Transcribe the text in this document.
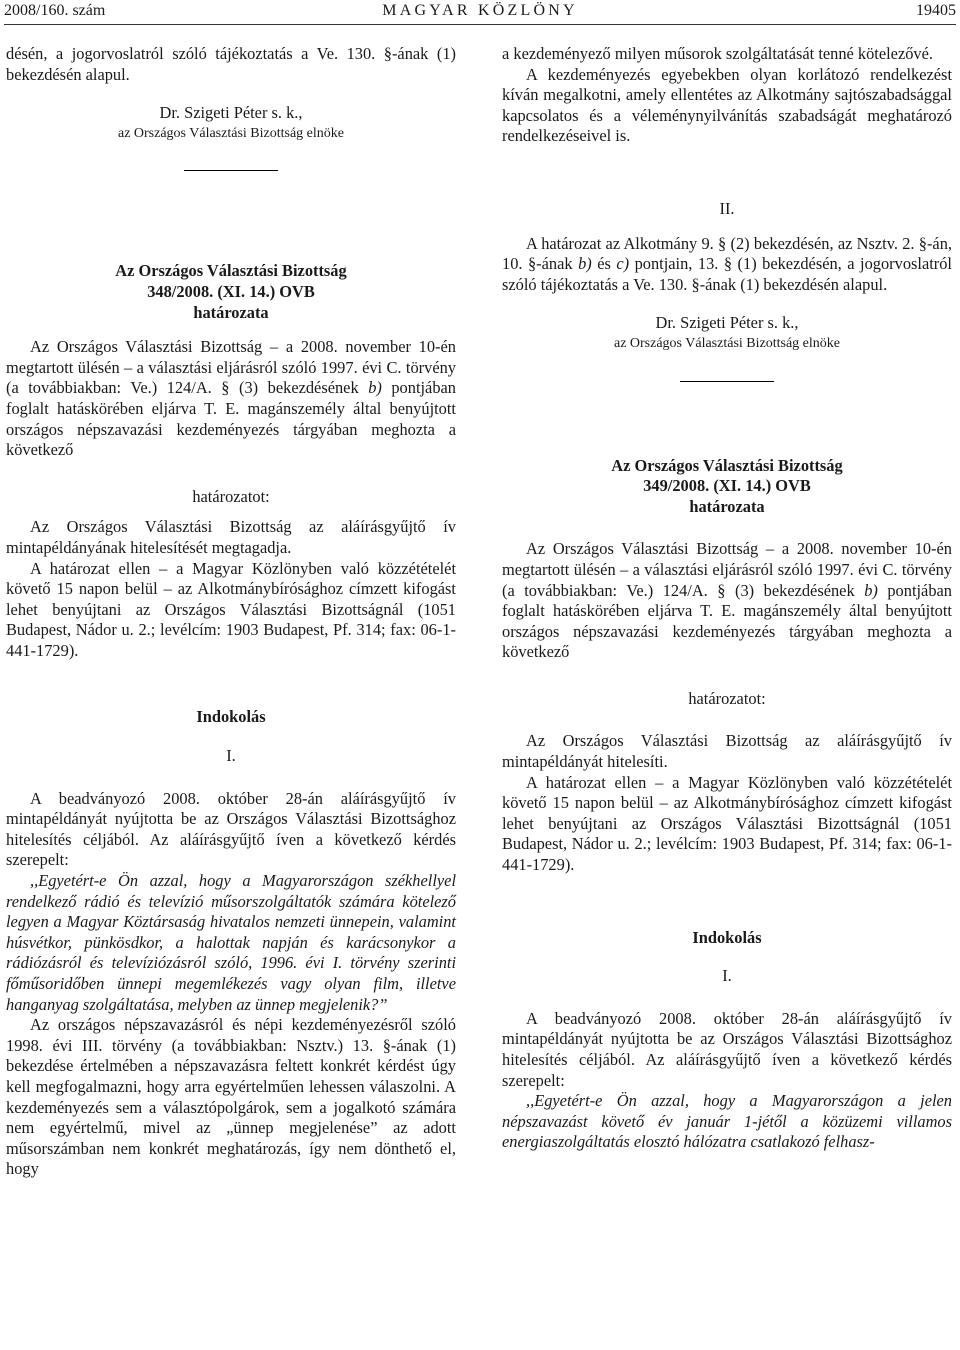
2008/160. szám	MAGYAR KÖZLÖNY	19405

désén, a jogorvoslatról szóló tájékoztatás a Ve. 130. §-ának (1) bekezdésén alapul.

Dr. Szigeti Péter s. k.,

az Országos Választási Bizottság elnöke

Az Országos Választási Bizottság

348/2008. (XI. 14.) OVB

határozata

Az Országos Választási Bizottság – a 2008. november 10-én megtartott ülésén – a választási eljárásról szóló 1997. évi C. törvény (a továbbiakban: Ve.) 124/A. § (3) bekezdésének b) pontjában foglalt hatáskörében eljárva T. E. magánszemély által benyújtott országos népszavazási kezdeményezés tárgyában meghozta a következő

határozatot:

Az Országos Választási Bizottság az aláírásgyűjtő ív mintapéldányának hitelesítését megtagadja.

A határozat ellen – a Magyar Közlönyben való közzétételét követő 15 napon belül – az Alkotmánybírósághoz címzett kifogást lehet benyújtani az Országos Választási Bizottságnál (1051 Budapest, Nádor u. 2.; levélcím: 1903 Budapest, Pf. 314; fax: 06-1-441-1729).

Indokolás

I.

A beadványozó 2008. október 28-án aláírásgyűjtő ív mintapéldányát nyújtotta be az Országos Választási Bizottsághoz hitelesítés céljából. Az aláírásgyűjtő íven a következő kérdés szerepelt:

,,Egyetért-e Ön azzal, hogy a Magyarországon székhellyel rendelkező rádió és televízió műsorszolgáltatók számára kötelező legyen a Magyar Köztársaság hivatalos nemzeti ünnepein, valamint húsvétkor, pünkösdkor, a halottak napján és karácsonykor a rádiózásról és televíziózásról szóló, 1996. évi I. törvény szerinti főműsoridőben ünnepi megemlékezés vagy olyan film, illetve hanganyag szolgáltatása, melyben az ünnep megjelenik?”

Az országos népszavazásról és népi kezdeményezésről szóló 1998. évi III. törvény (a továbbiakban: Nsztv.) 13. §-ának (1) bekezdése értelmében a népszavazásra feltett konkrét kérdést úgy kell megfogalmazni, hogy arra egyértelműen lehessen válaszolni. A kezdeményezés sem a választópolgárok, sem a jogalkotó számára nem egyértelmű, mivel az „ünnep megjelenése” az adott műsorszámban nem konkrét meghatározás, így nem dönthető el, hogy

a kezdeményező milyen műsorok szolgáltatását tenné kötelezővé.

A kezdeményezés egyebekben olyan korlátozó rendelkezést kíván megalkotni, amely ellentétes az Alkotmány sajtószabadsággal kapcsolatos és a véleménynyilvánítás szabadságát meghatározó rendelkezéseivel is.

II.

A határozat az Alkotmány 9. § (2) bekezdésén, az Nsztv. 2. §-án, 10. §-ának b) és c) pontjain, 13. § (1) bekezdésén, a jogorvoslatról szóló tájékoztatás a Ve. 130. §-ának (1) bekezdésén alapul.

Dr. Szigeti Péter s. k.,

az Országos Választási Bizottság elnöke

Az Országos Választási Bizottság

349/2008. (XI. 14.) OVB

határozata

Az Országos Választási Bizottság – a 2008. november 10-én megtartott ülésén – a választási eljárásról szóló 1997. évi C. törvény (a továbbiakban: Ve.) 124/A. § (3) bekezdésének b) pontjában foglalt hatáskörében eljárva T. E. magánszemély által benyújtott országos népszavazási kezdeményezés tárgyában meghozta a következő

határozatot:

Az Országos Választási Bizottság az aláírásgyűjtő ív mintapéldányát hitelesíti.

A határozat ellen – a Magyar Közlönyben való közzétételét követő 15 napon belül – az Alkotmánybírósághoz címzett kifogást lehet benyújtani az Országos Választási Bizottságnál (1051 Budapest, Nádor u. 2.; levélcím: 1903 Budapest, Pf. 314; fax: 06-1-441-1729).

Indokolás

I.

A beadványozó 2008. október 28-án aláírásgyűjtő ív mintapéldányát nyújtotta be az Országos Választási Bizottsághoz hitelesítés céljából. Az aláírásgyűjtő íven a következő kérdés szerepelt:

,,Egyetért-e Ön azzal, hogy a Magyarországon a jelen népszavazást követő év január 1-jétől a közüzemi villamos energiaszolgáltatás elosztó hálózatra csatlakozó felhasz-
